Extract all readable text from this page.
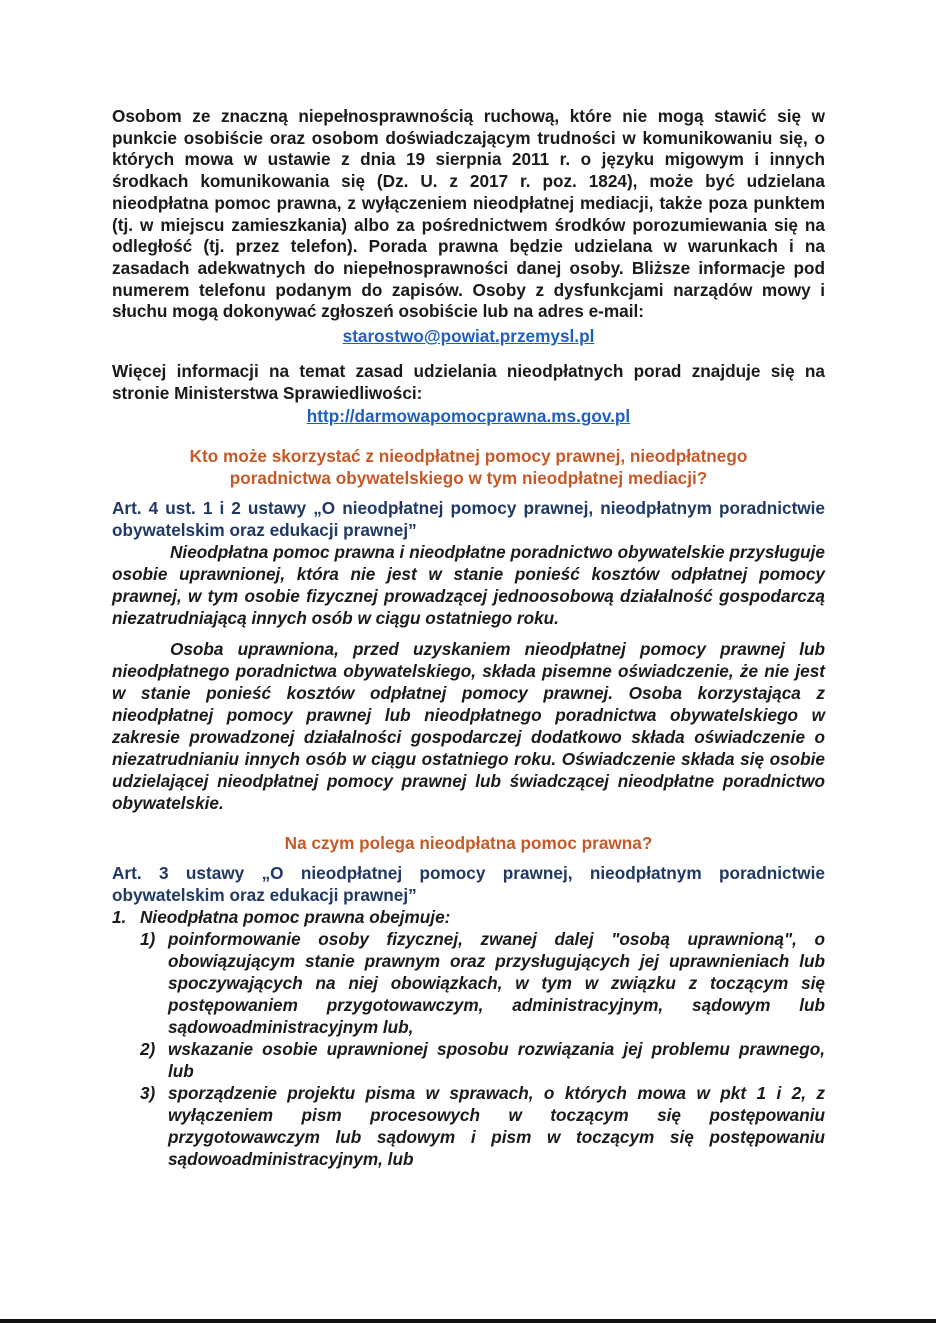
Osobom ze znaczną niepełnosprawnością ruchową, które nie mogą stawić się w punkcie osobiście oraz osobom doświadczającym trudności w komunikowaniu się, o których mowa w ustawie z dnia 19 sierpnia 2011 r. o języku migowym i innych środkach komunikowania się (Dz. U. z 2017 r. poz. 1824), może być udzielana nieodpłatna pomoc prawna, z wyłączeniem nieodpłatnej mediacji, także poza punktem (tj. w miejscu zamieszkania) albo za pośrednictwem środków porozumiewania się na odległość (tj. przez telefon). Porada prawna będzie udzielana w warunkach i na zasadach adekwatnych do niepełnosprawności danej osoby. Bliższe informacje pod numerem telefonu podanym do zapisów. Osoby z dysfunkcjami narządów mowy i słuchu mogą dokonywać zgłoszeń osobiście lub na adres e-mail:

starostwo@powiat.przemysl.pl

Więcej informacji na temat zasad udzielania nieodpłatnych porad znajduje się na stronie Ministerstwa Sprawiedliwości:

http://darmowapomocprawna.ms.gov.pl

Kto może skorzystać z nieodpłatnej pomocy prawnej, nieodpłatnego

poradnictwa obywatelskiego w tym nieodpłatnej mediacji?

Art. 4 ust. 1 i 2 ustawy „O nieodpłatnej pomocy prawnej, nieodpłatnym poradnictwie obywatelskim oraz edukacji prawnej”

Nieodpłatna pomoc prawna i nieodpłatne poradnictwo obywatelskie przysługuje osobie uprawnionej, która nie jest w stanie ponieść kosztów odpłatnej pomocy prawnej, w tym osobie fizycznej prowadzącej jednoosobową działalność gospodarczą niezatrudniającą innych osób w ciągu ostatniego roku.

Osoba uprawniona, przed uzyskaniem nieodpłatnej pomocy prawnej lub nieodpłatnego poradnictwa obywatelskiego, składa pisemne oświadczenie, że nie jest w stanie ponieść kosztów odpłatnej pomocy prawnej. Osoba korzystająca z nieodpłatnej pomocy prawnej lub nieodpłatnego poradnictwa obywatelskiego w zakresie prowadzonej działalności gospodarczej dodatkowo składa oświadczenie o niezatrudnianiu innych osób w ciągu ostatniego roku. Oświadczenie składa się osobie udzielającej nieodpłatnej pomocy prawnej lub świadczącej nieodpłatne poradnictwo obywatelskie.

Na czym polega nieodpłatna pomoc prawna?

Art. 3 ustawy „O nieodpłatnej pomocy prawnej, nieodpłatnym poradnictwie obywatelskim oraz edukacji prawnej”

1. Nieodpłatna pomoc prawna obejmuje:
1) poinformowanie osoby fizycznej, zwanej dalej "osobą uprawnioną", o obowiązującym stanie prawnym oraz przysługujących jej uprawnieniach lub spoczywających na niej obowiązkach, w tym w związku z toczącym się postępowaniem przygotowawczym, administracyjnym, sądowym lub sądowoadministracyjnym lub,
2) wskazanie osobie uprawnionej sposobu rozwiązania jej problemu prawnego, lub
3) sporządzenie projektu pisma w sprawach, o których mowa w pkt 1 i 2, z wyłączeniem pism procesowych w toczącym się postępowaniu przygotowawczym lub sądowym i pism w toczącym się postępowaniu sądowoadministracyjnym, lub
